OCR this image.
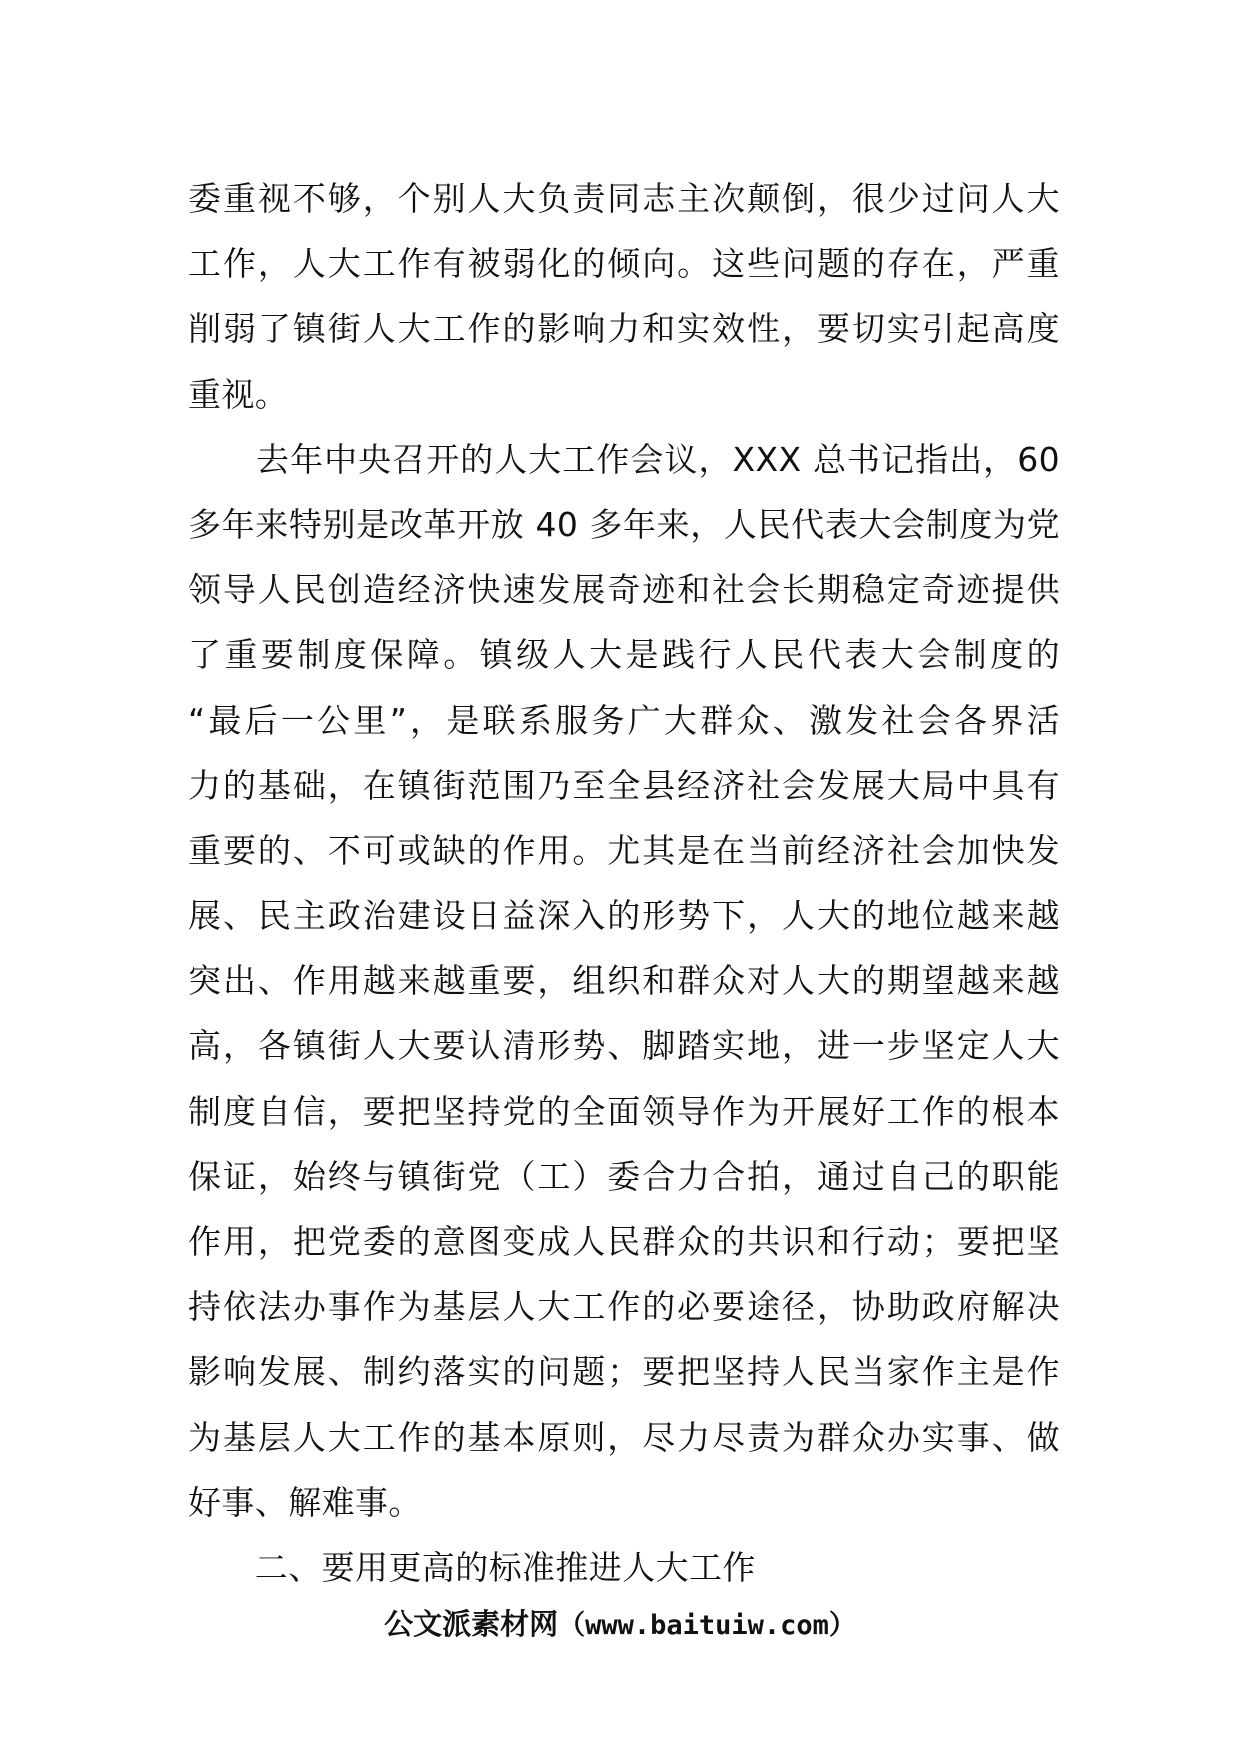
委重视不够，个别人大负责同志主次颠倒，很少过问人大
工作，人大工作有被弱化的倾向。这些问题的存在，严重
削弱了镇街人大工作的影响力和实效性，要切实引起高度
重视。
　　去年中央召开的人大工作会议，XXX 总书记指出，60
多年来特别是改革开放 40 多年来，人民代表大会制度为党
领导人民创造经济快速发展奇迹和社会长期稳定奇迹提供
了重要制度保障。镇级人大是践行人民代表大会制度的
“最后一公里”，是联系服务广大群众、激发社会各界活
力的基础，在镇街范围乃至全县经济社会发展大局中具有
重要的、不可或缺的作用。尤其是在当前经济社会加快发
展、民主政治建设日益深入的形势下，人大的地位越来越
突出、作用越来越重要，组织和群众对人大的期望越来越
高，各镇街人大要认清形势、脚踏实地，进一步坚定人大
制度自信，要把坚持党的全面领导作为开展好工作的根本
保证，始终与镇街党（工）委合力合拍，通过自己的职能
作用，把党委的意图变成人民群众的共识和行动；要把坚
持依法办事作为基层人大工作的必要途径，协助政府解决
影响发展、制约落实的问题；要把坚持人民当家作主是作
为基层人大工作的基本原则，尽力尽责为群众办实事、做
好事、解难事。
　　二、要用更高的标准推进人大工作
公文派素材网（www.baituiw.com）
